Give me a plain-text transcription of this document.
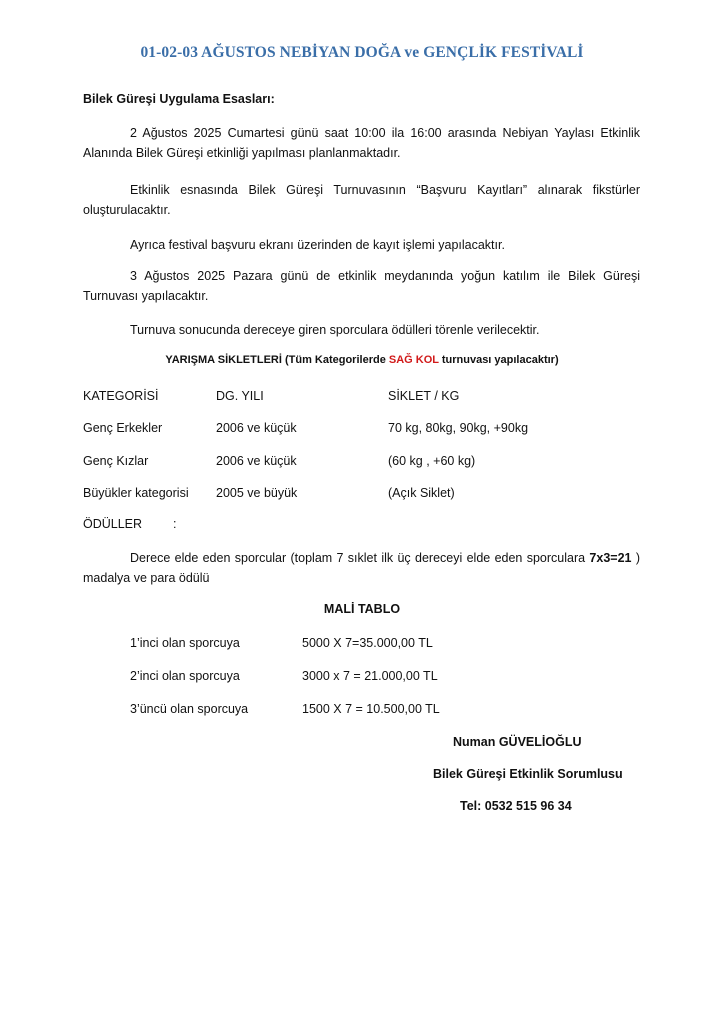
01-02-03 AĞUSTOS NEBİYAN DOĞA ve GENÇLİK FESTİVALİ
Bilek Güreşi Uygulama Esasları:
2 Ağustos 2025 Cumartesi günü saat 10:00 ila 16:00 arasında Nebiyan Yaylası Etkinlik Alanında Bilek Güreşi etkinliği yapılması planlanmaktadır.
Etkinlik esnasında Bilek Güreşi Turnuvasının “Başvuru Kayıtları” alınarak fikstürler oluşturulacaktır.
Ayrıca festival başvuru ekranı üzerinden de kayıt işlemi yapılacaktır.
3 Ağustos 2025 Pazara günü de etkinlik meydanında yoğun katılım ile Bilek Güreşi Turnuvası yapılacaktır.
Turnuva sonucunda dereceye giren sporculara ödülleri törenle verilecektir.
YARIŞMA SİKLETLERİ (Tüm Kategorilerde SAĞ KOL turnuvası yapılacaktır)
KATEGORİSİ	DG. YILI	SİKLET / KG
Genç Erkekler	2006 ve küçük	70 kg, 80kg, 90kg, +90kg
Genç Kızlar	2006 ve küçük	(60 kg , +60 kg)
Büyükler kategorisi 2005 ve büyük	(Açık Siklet)
ÖDÜLLER :
Derece elde eden sporcular (toplam 7 sıklet ilk üç dereceyi elde eden sporculara 7x3=21 ) madalya ve para ödülü
MALİ TABLO
1’inci olan sporcuya	5000 X 7=35.000,00 TL
2’inci olan sporcuya	3000 x 7 = 21.000,00 TL
3’üncü olan sporcuya	1500 X 7 = 10.500,00 TL
Numan GÜVELİOĞLU
Bilek Güreşi Etkinlik Sorumlusu
Tel: 0532 515 96 34
